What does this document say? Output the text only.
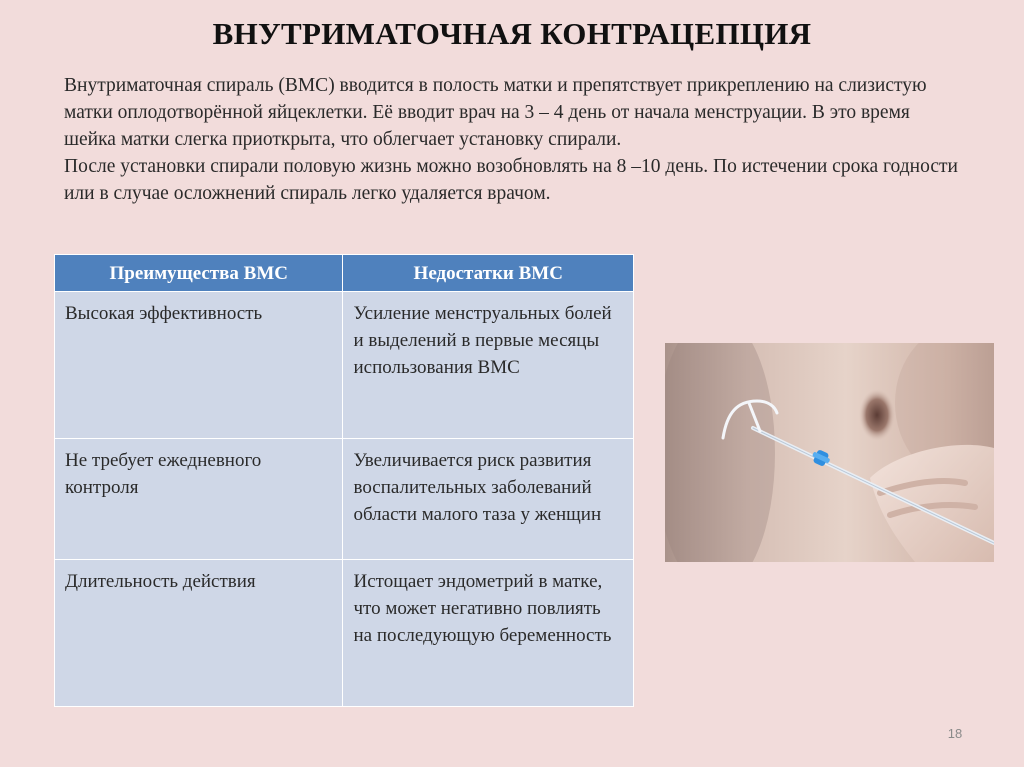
ВНУТРИМАТОЧНАЯ КОНТРАЦЕПЦИЯ

Внутриматочная спираль (ВМС) вводится в полость матки и препятствует прикреплению на слизистую матки оплодотворённой яйцеклетки. Её вводит врач на 3 – 4 день от начала менструации. В это время шейка матки слегка приоткрыта, что облегчает установку спирали.

После установки спирали половую жизнь можно возобновлять на 8 –10 день. По истечении срока годности или в случае осложнений спираль легко удаляется врачом.

Преимущества ВМС	Недостатки ВМС
Высокая эффективность	Усиление менструальных болей и выделений в первые месяцы использования ВМС
Не требует ежедневного контроля	Увеличивается риск развития воспалительных заболеваний области малого таза у женщин
Длительность действия	Истощает эндометрий в матке, что может негативно повлиять на последующую беременность
18
